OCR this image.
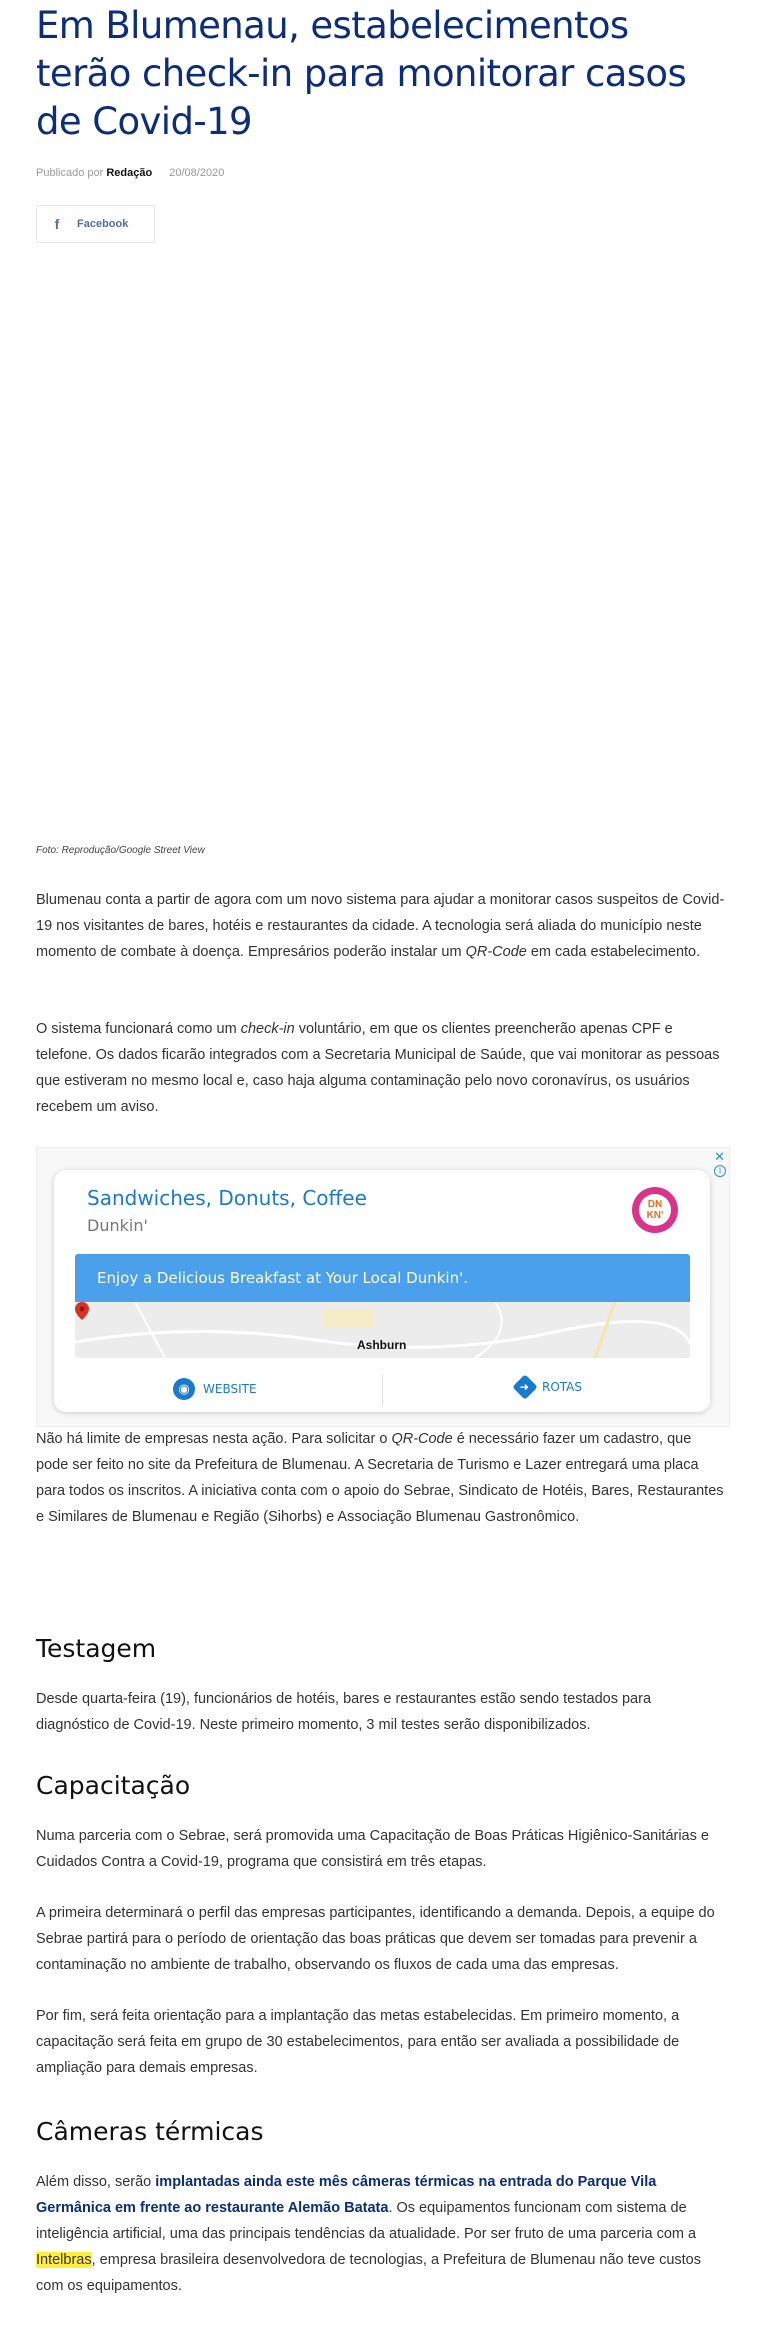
Em Blumenau, estabelecimentos terão check-in para monitorar casos de Covid-19
Publicado por Redação 20/08/2020
f	Facebook
Foto: Reprodução/Google Street View

Blumenau conta a partir de agora com um novo sistema para ajudar a monitorar casos suspeitos de Covid-19 nos visitantes de bares, hotéis e restaurantes da cidade. A tecnologia será aliada do município neste momento de combate à doença. Empresários poderão instalar um QR-Code em cada estabelecimento.

O sistema funcionará como um check-in voluntário, em que os clientes preencherão apenas CPF e telefone. Os dados ficarão integrados com a Secretaria Municipal de Saúde, que vai monitorar as pessoas que estiveram no mesmo local e, caso haja alguma contaminação pelo novo coronavírus, os usuários recebem um aviso.

✕
i
Sandwiches, Donuts, Coffee
Dunkin'
DN KN'
Enjoy a Delicious Breakfast at Your Local Dunkin'.
Ashburn
◉	WEBSITE	➜ ROTAS

Não há limite de empresas nesta ação. Para solicitar o QR-Code é necessário fazer um cadastro, que pode ser feito no site da Prefeitura de Blumenau. A Secretaria de Turismo e Lazer entregará uma placa para todos os inscritos. A iniciativa conta com o apoio do Sebrae, Sindicato de Hotéis, Bares, Restaurantes e Similares de Blumenau e Região (Sihorbs) e Associação Blumenau Gastronômico.

Testagem

Desde quarta-feira (19), funcionários de hotéis, bares e restaurantes estão sendo testados para diagnóstico de Covid-19. Neste primeiro momento, 3 mil testes serão disponibilizados.

Capacitação

Numa parceria com o Sebrae, será promovida uma Capacitação de Boas Práticas Higiênico-Sanitárias e Cuidados Contra a Covid-19, programa que consistirá em três etapas.

A primeira determinará o perfil das empresas participantes, identificando a demanda. Depois, a equipe do Sebrae partirá para o período de orientação das boas práticas que devem ser tomadas para prevenir a contaminação no ambiente de trabalho, observando os fluxos de cada uma das empresas.

Por fim, será feita orientação para a implantação das metas estabelecidas. Em primeiro momento, a capacitação será feita em grupo de 30 estabelecimentos, para então ser avaliada a possibilidade de ampliação para demais empresas.

Câmeras térmicas

Além disso, serão implantadas ainda este mês câmeras térmicas na entrada do Parque Vila Germânica em frente ao restaurante Alemão Batata. Os equipamentos funcionam com sistema de inteligência artificial, uma das principais tendências da atualidade. Por ser fruto de uma parceria com a Intelbras, empresa brasileira desenvolvedora de tecnologias, a Prefeitura de Blumenau não teve custos com os equipamentos.
